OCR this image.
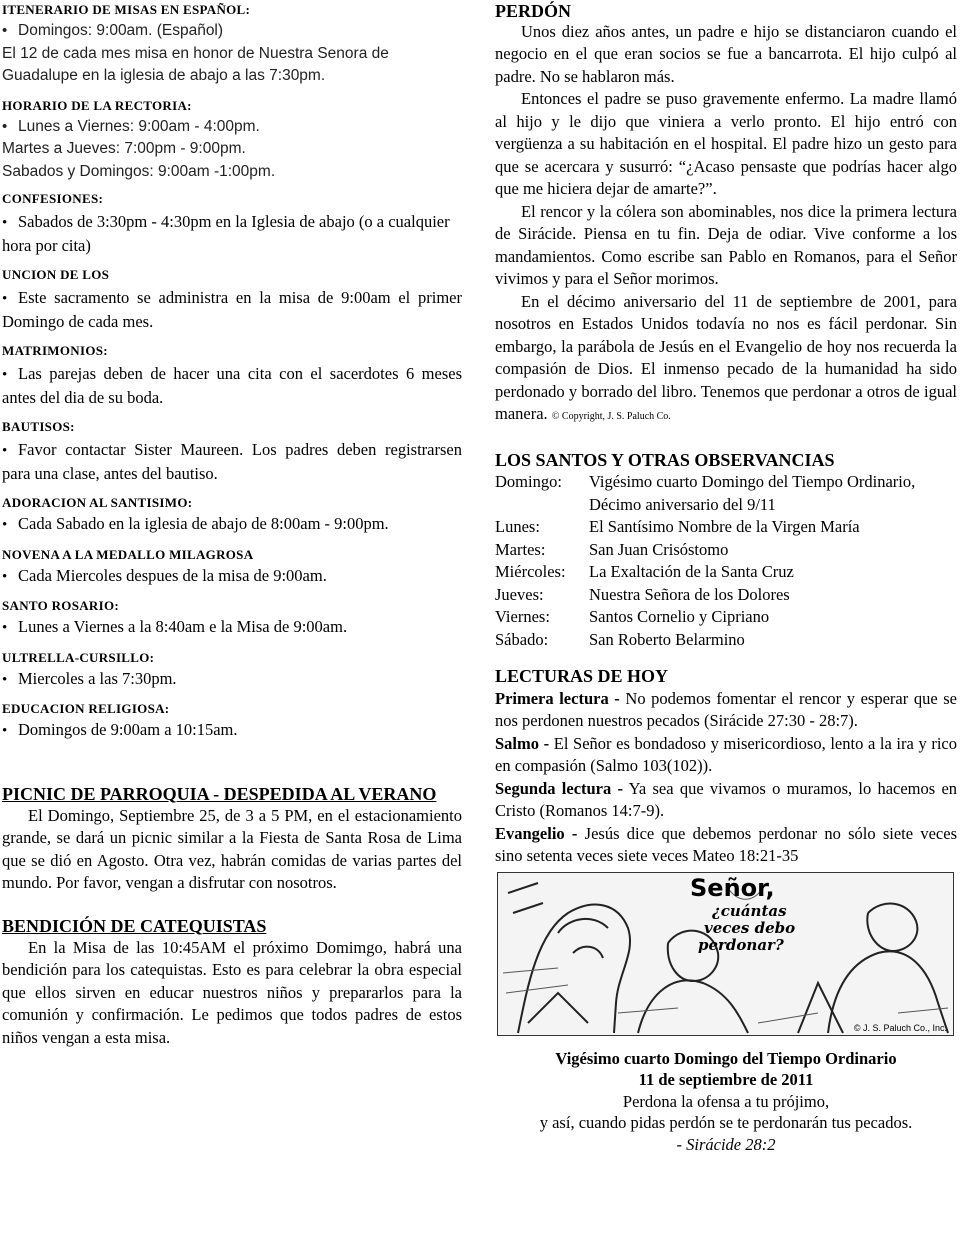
ITENERARIO DE MISAS EN ESPAÑOL:

• Domingos: 9:00am. (Español)

El 12 de cada mes misa en honor de Nuestra Senora de Guadalupe en la iglesia de abajo a las 7:30pm.

HORARIO DE LA RECTORIA:

• Lunes a Viernes: 9:00am - 4:00pm.

Martes a Jueves: 7:00pm - 9:00pm.

Sabados y Domingos: 9:00am -1:00pm.

CONFESIONES:

• Sabados de 3:30pm - 4:30pm en la Iglesia de abajo (o a cualquier hora por cita)

UNCION DE LOS

• Este sacramento se administra en la misa de 9:00am el primer Domingo de cada mes.

MATRIMONIOS:

• Las parejas deben de hacer una cita con el sacerdotes 6 meses antes del dia de su boda.

BAUTISOS:

• Favor contactar Sister Maureen. Los padres deben registrarsen para una clase, antes del bautiso.

ADORACION AL SANTISIMO:

• Cada Sabado en la iglesia de abajo de 8:00am - 9:00pm.

NOVENA A LA MEDALLO MILAGROSA

• Cada Miercoles despues de la misa de 9:00am.

SANTO ROSARIO:

• Lunes a Viernes a la 8:40am e la Misa de 9:00am.

ULTRELLA-CURSILLO:

• Miercoles a las 7:30pm.

EDUCACION RELIGIOSA:

• Domingos de 9:00am a 10:15am.

PICNIC DE PARROQUIA - DESPEDIDA AL VERANO

El Domingo, Septiembre 25, de 3 a 5 PM, en el estacionamiento grande, se dará un picnic similar a la Fiesta de Santa Rosa de Lima que se dió en Agosto. Otra vez, habrán comidas de varias partes del mundo. Por favor, vengan a disfrutar con nosotros.

BENDICIÓN DE CATEQUISTAS

En la Misa de las 10:45AM el próximo Domimgo, habrá una bendición para los catequistas. Esto es para celebrar la obra especial que ellos sirven en educar nuestros niños y prepararlos para la comunión y confirmación. Le pedimos que todos padres de estos niños vengan a esta misa.

PERDÓN

Unos diez años antes, un padre e hijo se distanciaron cuando el negocio en el que eran socios se fue a bancarrota. El hijo culpó al padre. No se hablaron más.

Entonces el padre se puso gravemente enfermo. La madre llamó al hijo y le dijo que viniera a verlo pronto. El hijo entró con vergüenza a su habitación en el hospital. El padre hizo un gesto para que se acercara y susurró: “¿Acaso pensaste que podrías hacer algo que me hiciera dejar de amarte?”.

El rencor y la cólera son abominables, nos dice la primera lectura de Sirácide. Piensa en tu fin. Deja de odiar. Vive conforme a los mandamientos. Como escribe san Pablo en Romanos, para el Señor vivimos y para el Señor morimos.

En el décimo aniversario del 11 de septiembre de 2001, para nosotros en Estados Unidos todavía no nos es fácil perdonar. Sin embargo, la parábola de Jesús en el Evangelio de hoy nos recuerda la compasión de Dios. El inmenso pecado de la humanidad ha sido perdonado y borrado del libro. Tenemos que perdonar a otros de igual manera. © Copyright, J. S. Paluch Co.

LOS SANTOS Y OTRAS OBSERVANCIAS

Domingo:	Vigésimo cuarto Domingo del Tiempo Ordinario, Décimo aniversario del 9/11
Lunes:	El Santísimo Nombre de la Virgen María
Martes:	San Juan Crisóstomo
Miércoles:	La Exaltación de la Santa Cruz
Jueves:	Nuestra Señora de los Dolores
Viernes:	Santos Cornelio y Cipriano
Sábado:	San Roberto Belarmino

LECTURAS DE HOY

Primera lectura - No podemos fomentar el rencor y esperar que se nos perdonen nuestros pecados (Sirácide 27:30 - 28:7).

Salmo - El Señor es bondadoso y misericordioso, lento a la ira y rico en compasión (Salmo 103(102)).

Segunda lectura - Ya sea que vivamos o muramos, lo hacemos en Cristo (Romanos 14:7-9).

Evangelio - Jesús dice que debemos perdonar no sólo siete veces sino setenta veces siete veces Mateo 18:21-35

Señor,
¿cuántas
veces debo
perdonar?
© J. S. Paluch Co., Inc.

Vigésimo cuarto Domingo del Tiempo Ordinario

11 de septiembre de 2011

Perdona la ofensa a tu prójimo,

y así, cuando pidas perdón se te perdonarán tus pecados.

- Sirácide 28:2
